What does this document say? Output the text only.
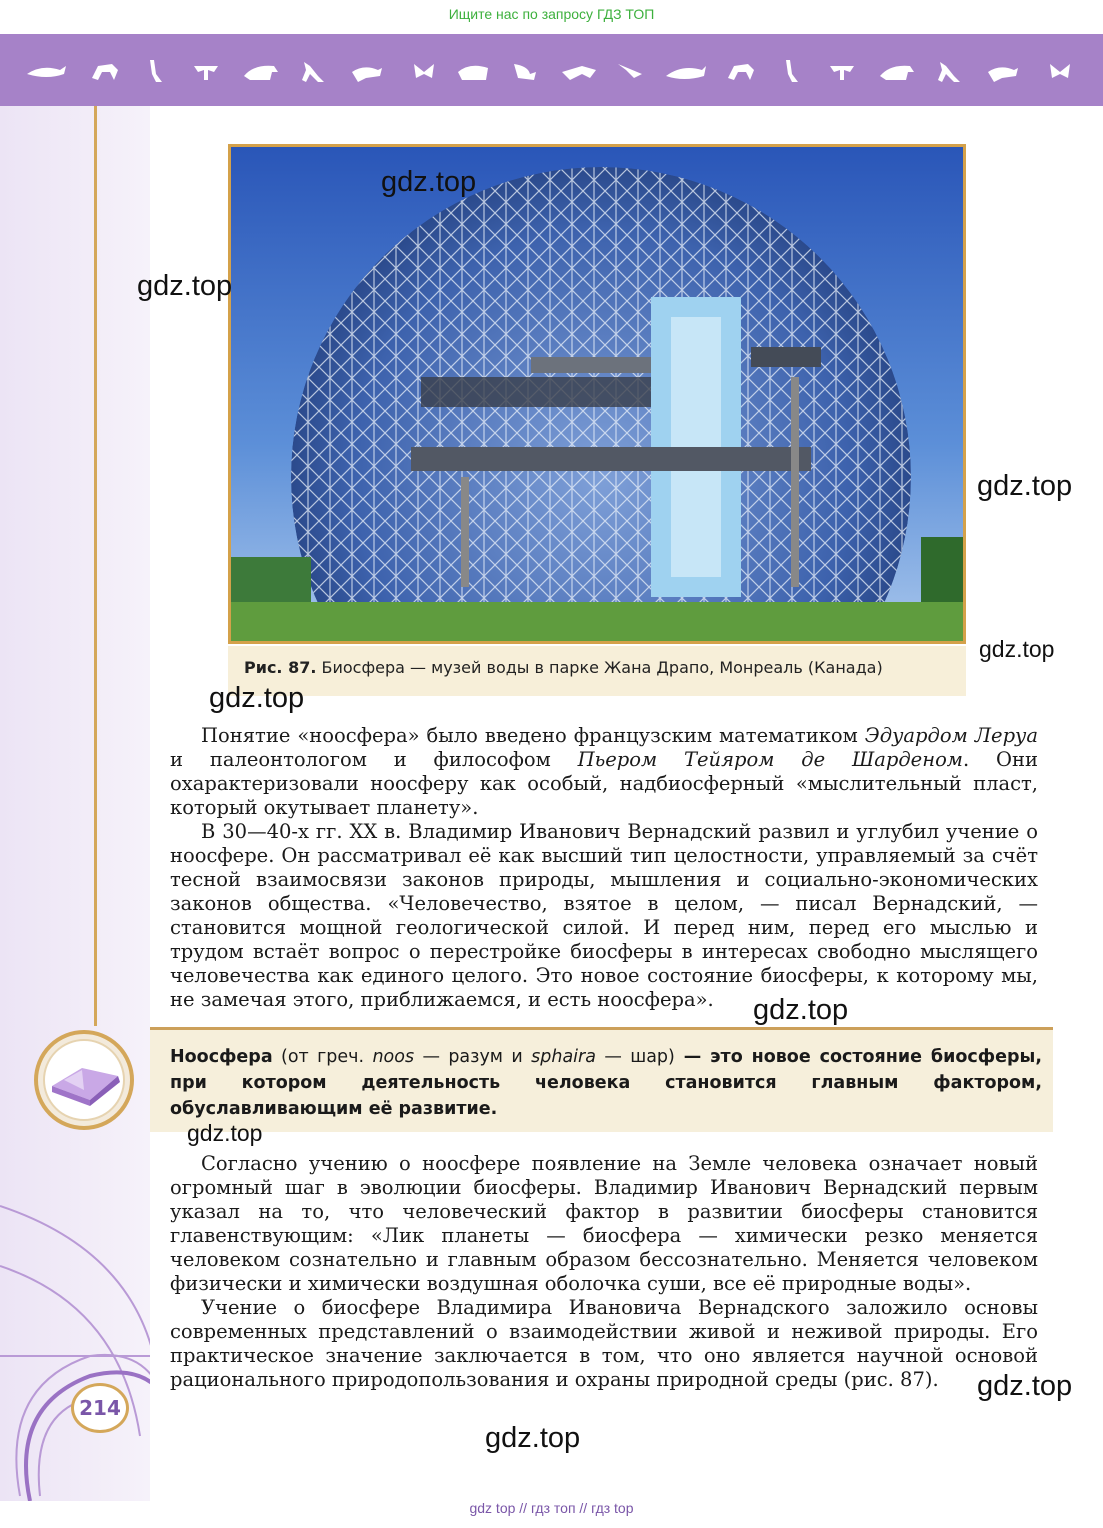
Ищите нас по запросу ГДЗ ТОП
Рис. 87. Биосфера — музей воды в парке Жана Драпо, Монреаль (Канада)

Понятие «ноосфера» было введено французским математиком Эдуардом Леруа и палеонтологом и философом Пьером Тейяром де Шарденом. Они охарактеризовали ноосферу как особый, надбиосферный «мыслительный пласт, который окутывает планету».

В 30—40-х гг. XX в. Владимир Иванович Вернадский развил и углубил учение о ноосфере. Он рассматривал её как высший тип целостности, управляемый за счёт тесной взаимосвязи законов природы, мышления и социально-экономических законов общества. «Человечество, взятое в целом, — писал Вернадский, — становится мощной геологической силой. И перед ним, перед его мыслью и трудом встаёт вопрос о перестройке биосферы в интересах свободно мыслящего человечества как единого целого. Это новое состояние биосферы, к которому мы, не замечая этого, приближаемся, и есть ноосфера».

Ноосфера (от греч. noos — разум и sphaira — шар) — это новое состояние биосферы, при котором деятельность человека становится главным фактором, обуславливающим её развитие.

Согласно учению о ноосфере появление на Земле человека означает новый огромный шаг в эволюции биосферы. Владимир Иванович Вернадский первым указал на то, что человеческий фактор в развитии биосферы становится главенствующим: «Лик планеты — биосфера — химически резко меняется человеком сознательно и главным образом бессознательно. Меняется человеком физически и химически воздушная оболочка суши, все её природные воды».

Учение о биосфере Владимира Ивановича Вернадского заложило основы современных представлений о взаимодействии живой и неживой природы. Его практическое значение заключается в том, что оно является научной основой рационального природопользования и охраны природной среды (рис. 87).

214
gdz.top
gdz.top
gdz.top
gdz.top
gdz.top
gdz.top
gdz.top
gdz.top
gdz.top
gdz top // гдз топ // гдз top
